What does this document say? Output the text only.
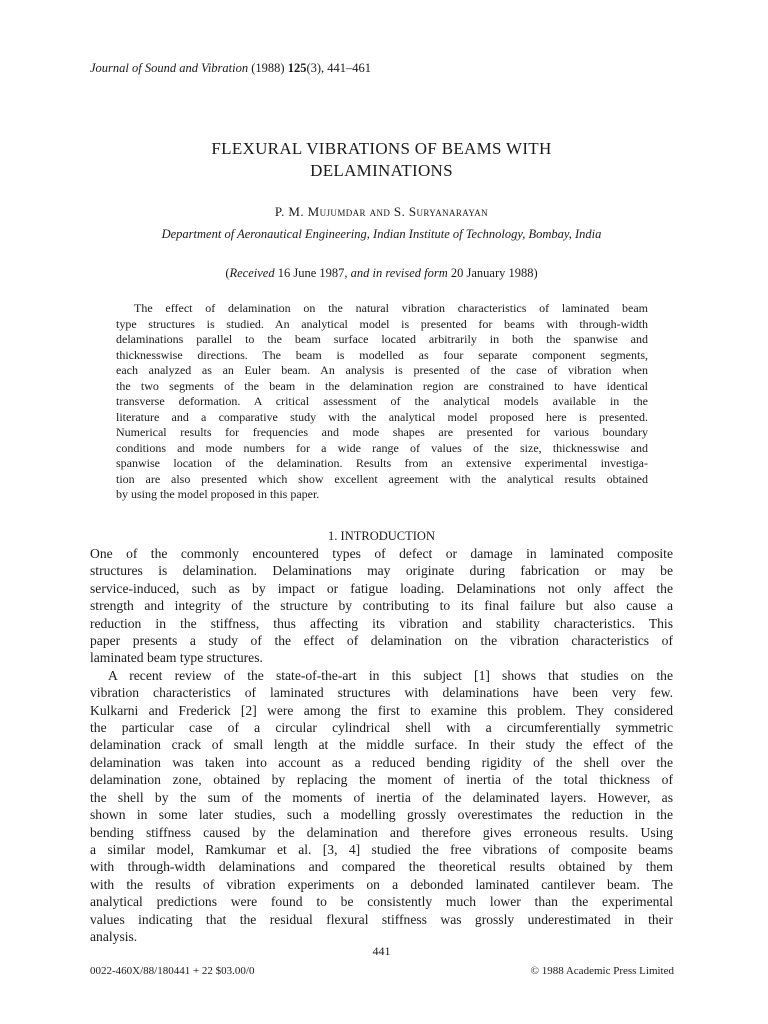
Journal of Sound and Vibration (1988) 125(3), 441–461
FLEXURAL VIBRATIONS OF BEAMS WITH
DELAMINATIONS
P. M. Mujumdar and S. Suryanarayan
Department of Aeronautical Engineering, Indian Institute of Technology, Bombay, India
(Received 16 June 1987, and in revised form 20 January 1988)
The effect of delamination on the natural vibration characteristics of laminated beam
type structures is studied. An analytical model is presented for beams with through-width
delaminations parallel to the beam surface located arbitrarily in both the spanwise and
thicknesswise directions. The beam is modelled as four separate component segments,
each analyzed as an Euler beam. An analysis is presented of the case of vibration when
the two segments of the beam in the delamination region are constrained to have identical
transverse deformation. A critical assessment of the analytical models available in the
literature and a comparative study with the analytical model proposed here is presented.
Numerical results for frequencies and mode shapes are presented for various boundary
conditions and mode numbers for a wide range of values of the size, thicknesswise and
spanwise location of the delamination. Results from an extensive experimental investiga-
tion are also presented which show excellent agreement with the analytical results obtained
by using the model proposed in this paper.
1. INTRODUCTION
One of the commonly encountered types of defect or damage in laminated composite
structures is delamination. Delaminations may originate during fabrication or may be
service-induced, such as by impact or fatigue loading. Delaminations not only affect the
strength and integrity of the structure by contributing to its final failure but also cause a
reduction in the stiffness, thus affecting its vibration and stability characteristics. This
paper presents a study of the effect of delamination on the vibration characteristics of
laminated beam type structures.
A recent review of the state-of-the-art in this subject [1] shows that studies on the
vibration characteristics of laminated structures with delaminations have been very few.
Kulkarni and Frederick [2] were among the first to examine this problem. They considered
the particular case of a circular cylindrical shell with a circumferentially symmetric
delamination crack of small length at the middle surface. In their study the effect of the
delamination was taken into account as a reduced bending rigidity of the shell over the
delamination zone, obtained by replacing the moment of inertia of the total thickness of
the shell by the sum of the moments of inertia of the delaminated layers. However, as
shown in some later studies, such a modelling grossly overestimates the reduction in the
bending stiffness caused by the delamination and therefore gives erroneous results. Using
a similar model, Ramkumar et al. [3, 4] studied the free vibrations of composite beams
with through-width delaminations and compared the theoretical results obtained by them
with the results of vibration experiments on a debonded laminated cantilever beam. The
analytical predictions were found to be consistently much lower than the experimental
values indicating that the residual flexural stiffness was grossly underestimated in their
analysis.
441
0022-460X/88/180441 + 22 $03.00/0	© 1988 Academic Press Limited
